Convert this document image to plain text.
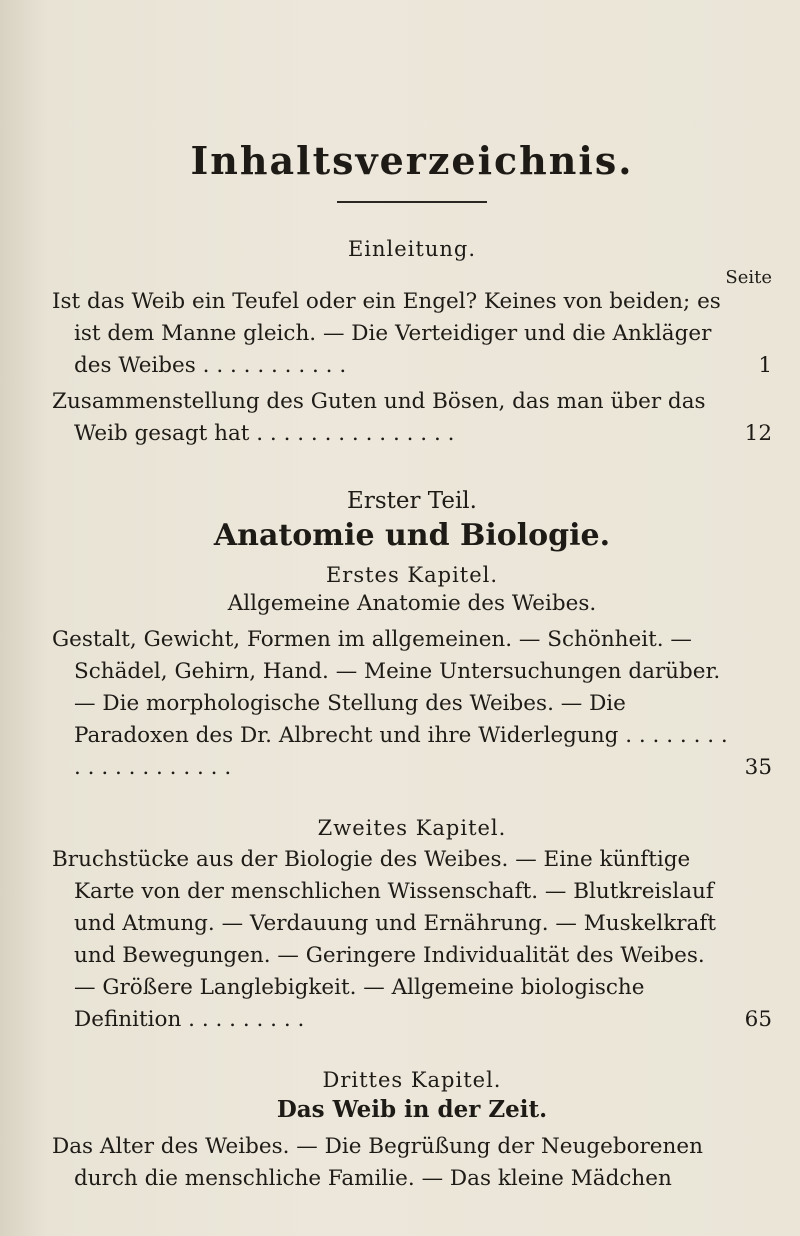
Inhaltsverzeichnis.
Einleitung.
Seite
Ist das Weib ein Teufel oder ein Engel? Keines von beiden; es ist dem Manne gleich. — Die Verteidiger und die Ankläger des Weibes . . . . . . . . . . .	1
Zusammenstellung des Guten und Bösen, das man über das Weib gesagt hat . . . . . . . . . . . . . . .	12
Erster Teil.
Anatomie und Biologie.
Erstes Kapitel.
Allgemeine Anatomie des Weibes.
Gestalt, Gewicht, Formen im allgemeinen. — Schönheit. — Schädel, Gehirn, Hand. — Meine Untersuchungen darüber. — Die morphologische Stellung des Weibes. — Die Paradoxen des Dr. Albrecht und ihre Widerlegung . . . . . . . . . . . . . . . . . . . .	35
Zweites Kapitel.
Bruchstücke aus der Biologie des Weibes. — Eine künftige Karte von der menschlichen Wissenschaft. — Blutkreislauf und Atmung. — Verdauung und Ernährung. — Muskelkraft und Bewegungen. — Geringere Individualität des Weibes. — Größere Langlebigkeit. — Allgemeine biologische Definition . . . . . . . . .	65
Drittes Kapitel.
Das Weib in der Zeit.
Das Alter des Weibes. — Die Begrüßung der Neugeborenen durch die menschliche Familie. — Das kleine Mädchen
